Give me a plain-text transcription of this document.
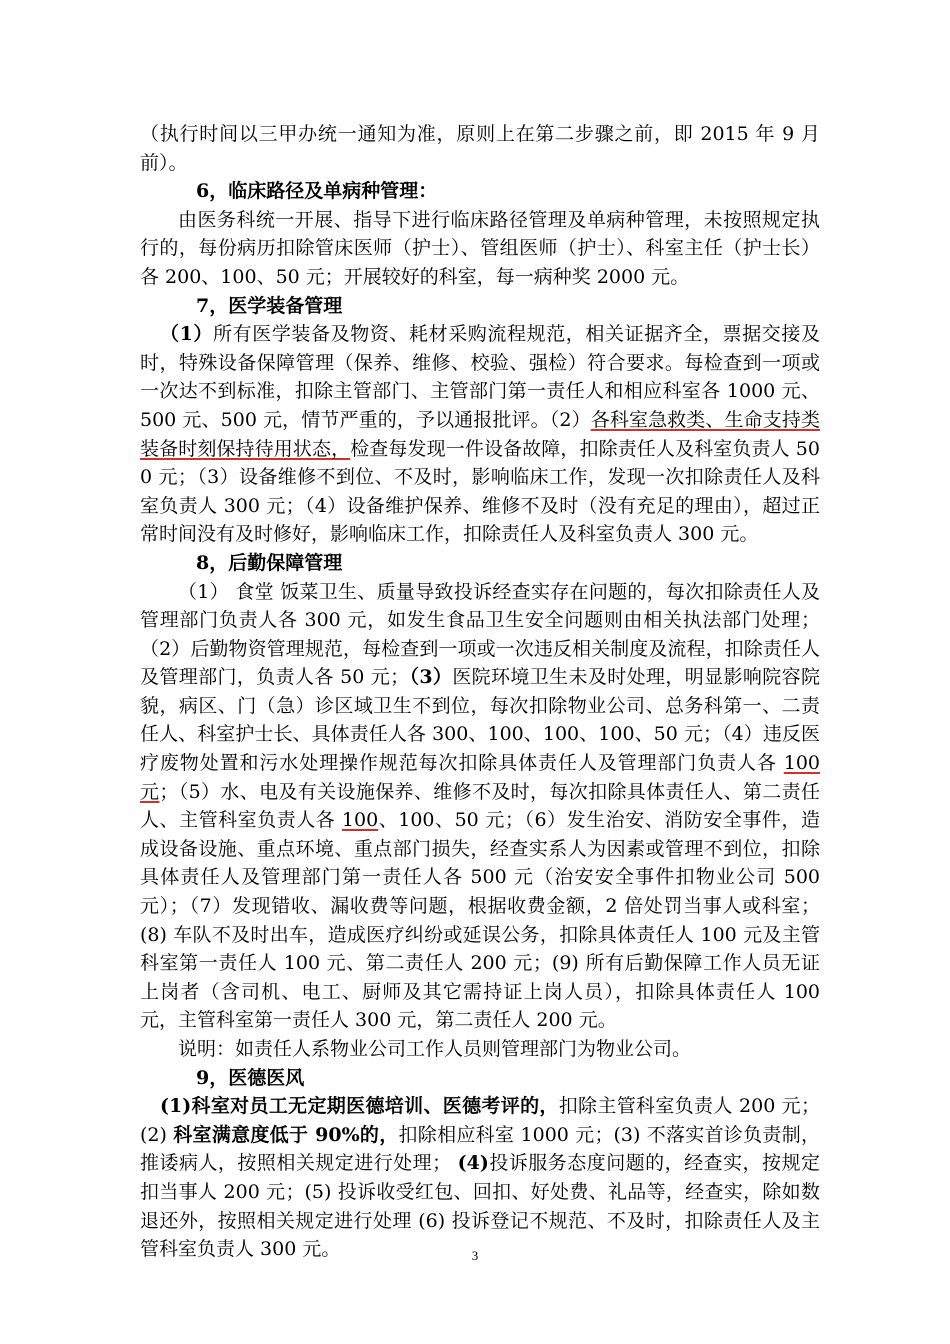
（执行时间以三甲办统一通知为准，原则上在第二步骤之前，即 2015 年 9 月前）。

6，临床路径及单病种管理：

由医务科统一开展、指导下进行临床路径管理及单病种管理，未按照规定执行的，每份病历扣除管床医师（护士）、管组医师（护士）、科室主任（护士长）各 200、100、50 元；开展较好的科室，每一病种奖 2000 元。

7，医学装备管理

（1）所有医学装备及物资、耗材采购流程规范，相关证据齐全，票据交接及时，特殊设备保障管理（保养、维修、校验、强检）符合要求。每检查到一项或一次达不到标准，扣除主管部门、主管部门第一责任人和相应科室各 1000 元、500 元、500 元，情节严重的，予以通报批评。（2）各科室急救类、生命支持类装备时刻保持待用状态，检查每发现一件设备故障，扣除责任人及科室负责人 500 元；（3）设备维修不到位、不及时，影响临床工作，发现一次扣除责任人及科室负责人 300 元；（4）设备维护保养、维修不及时（没有充足的理由），超过正常时间没有及时修好，影响临床工作，扣除责任人及科室负责人 300 元。

8，后勤保障管理

（1） 食堂 饭菜卫生、质量导致投诉经查实存在问题的，每次扣除责任人及管理部门负责人各 300 元，如发生食品卫生安全问题则由相关执法部门处理；（2）后勤物资管理规范，每检查到一项或一次违反相关制度及流程，扣除责任人及管理部门，负责人各 50 元；（3）医院环境卫生未及时处理，明显影响院容院貌，病区、门（急）诊区域卫生不到位，每次扣除物业公司、总务科第一、二责任人、科室护士长、具体责任人各 300、100、100、100、50 元；（4）违反医疗废物处置和污水处理操作规范每次扣除具体责任人及管理部门负责人各 100 元；（5）水、电及有关设施保养、维修不及时，每次扣除具体责任人、第二责任人、主管科室负责人各 100、100、50 元；（6）发生治安、消防安全事件，造成设备设施、重点环境、重点部门损失，经查实系人为因素或管理不到位，扣除具体责任人及管理部门第一责任人各 500 元（治安安全事件扣物业公司 500 元）；（7）发现错收、漏收费等问题，根据收费金额，2 倍处罚当事人或科室；(8) 车队不及时出车，造成医疗纠纷或延误公务，扣除具体责任人 100 元及主管科室第一责任人 100 元、第二责任人 200 元；(9) 所有后勤保障工作人员无证上岗者（含司机、电工、厨师及其它需持证上岗人员），扣除具体责任人 100 元，主管科室第一责任人 300 元，第二责任人 200 元。

说明：如责任人系物业公司工作人员则管理部门为物业公司。

9，医德医风

(1)科室对员工无定期医德培训、医德考评的，扣除主管科室负责人 200 元；(2) 科室满意度低于 90%的，扣除相应科室 1000 元；(3) 不落实首诊负责制，推诿病人，按照相关规定进行处理； (4)投诉服务态度问题的，经查实，按规定扣当事人 200 元；(5) 投诉收受红包、回扣、好处费、礼品等，经查实，除如数退还外，按照相关规定进行处理 (6) 投诉登记不规范、不及时，扣除责任人及主管科室负责人 300 元。	3
